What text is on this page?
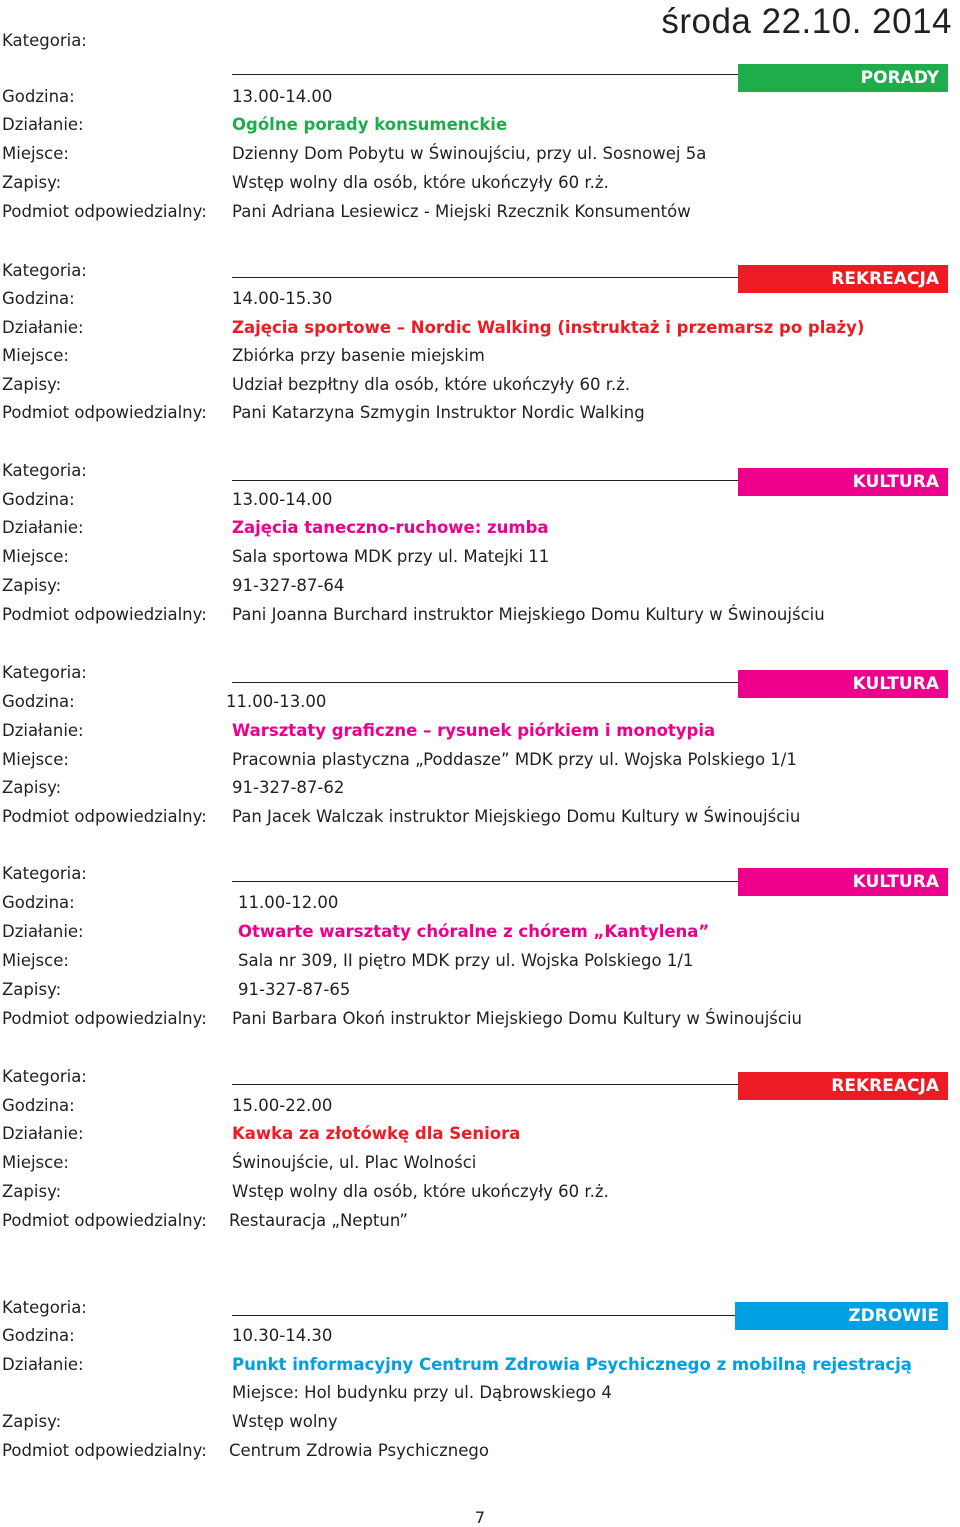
środa 22.10. 2014
PORADY
Kategoria:
Godzina:	13.00-14.00
Działanie:	Ogólne porady konsumenckie
Miejsce:	Dzienny Dom Pobytu w Świnoujściu, przy ul. Sosnowej 5a
Zapisy:	Wstęp wolny dla osób, które ukończyły 60 r.ż.
Podmiot odpowiedzialny: Pani Adriana Lesiewicz - Miejski Rzecznik Konsumentów
REKREACJA
Kategoria:
Godzina:	14.00-15.30
Działanie:	Zajęcia sportowe – Nordic Walking (instruktaż i przemarsz po plaży)
Miejsce:	Zbiórka przy basenie miejskim
Zapisy:	Udział bezpłtny dla osób, które ukończyły 60 r.ż.
Podmiot odpowiedzialny: Pani Katarzyna Szmygin Instruktor Nordic Walking
KULTURA
Kategoria:
Godzina:	13.00-14.00
Działanie:	Zajęcia taneczno-ruchowe: zumba
Miejsce:	Sala sportowa MDK przy ul. Matejki 11
Zapisy:	91-327-87-64
Podmiot odpowiedzialny: Pani Joanna Burchard instruktor Miejskiego Domu Kultury w Świnoujściu
KULTURA
Kategoria:
Godzina:	11.00-13.00
Działanie:	Warsztaty graficzne – rysunek piórkiem i monotypia
Miejsce:	Pracownia plastyczna „Poddasze” MDK przy ul. Wojska Polskiego 1/1
Zapisy:	91-327-87-62
Podmiot odpowiedzialny: Pan Jacek Walczak instruktor Miejskiego Domu Kultury w Świnoujściu
KULTURA
Kategoria:
Godzina:	11.00-12.00
Działanie:	Otwarte warsztaty chóralne z chórem „Kantylena”
Miejsce:	Sala nr 309, II piętro MDK przy ul. Wojska Polskiego 1/1
Zapisy:	91-327-87-65
Podmiot odpowiedzialny: Pani Barbara Okoń instruktor Miejskiego Domu Kultury w Świnoujściu
REKREACJA
Kategoria:
Godzina:	15.00-22.00
Działanie:	Kawka za złotówkę dla Seniora
Miejsce:	Świnoujście, ul. Plac Wolności
Zapisy:	Wstęp wolny dla osób, które ukończyły 60 r.ż.
Podmiot odpowiedzialny: Restauracja „Neptun”
ZDROWIE
Kategoria:
Godzina:	10.30-14.30
Działanie:	Punkt informacyjny Centrum Zdrowia Psychicznego z mobilną rejestracją
Miejsce: Hol budynku przy ul. Dąbrowskiego 4
Zapisy:	Wstęp wolny
Podmiot odpowiedzialny: Centrum Zdrowia Psychicznego
7
